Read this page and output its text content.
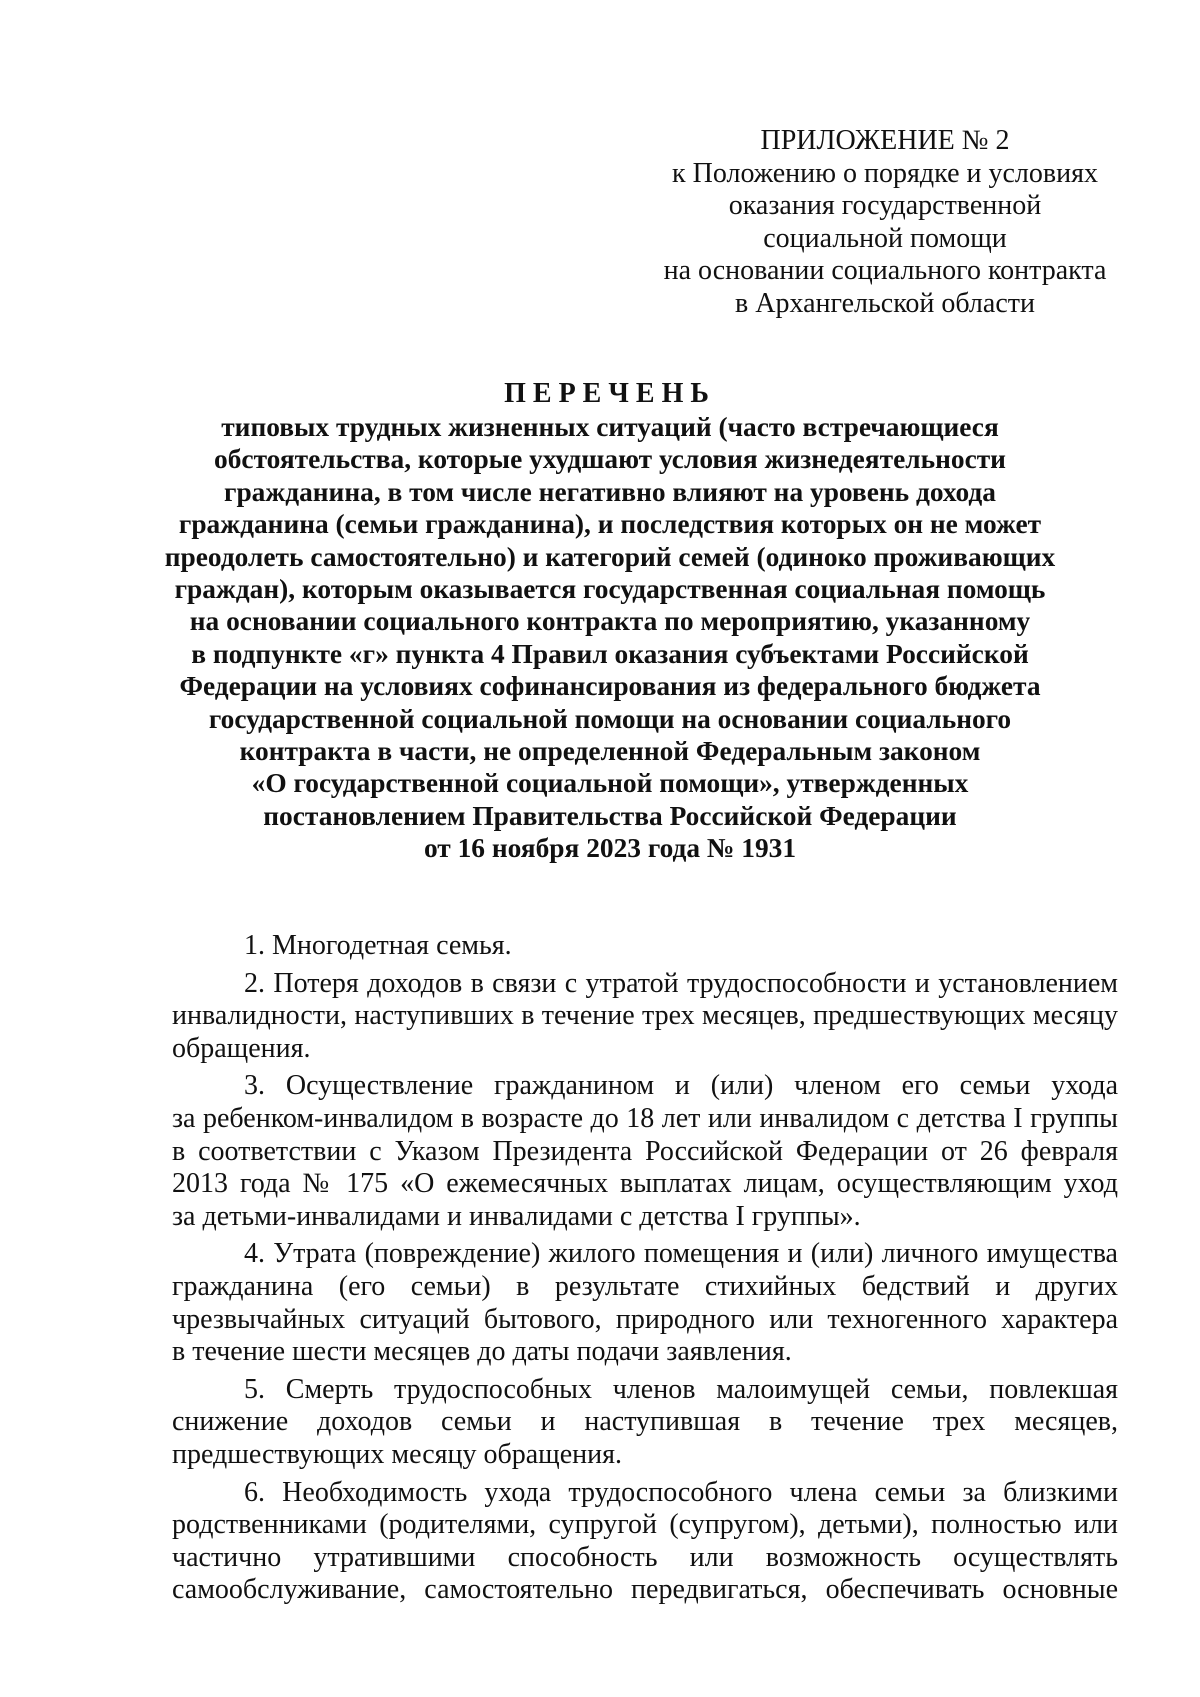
ПРИЛОЖЕНИЕ № 2
к Положению о порядке и условиях
оказания государственной
социальной помощи
на основании социального контракта
в Архангельской области
ПЕРЕЧЕНЬ
типовых трудных жизненных ситуаций (часто встречающиеся
обстоятельства, которые ухудшают условия жизнедеятельности
гражданина, в том числе негативно влияют на уровень дохода
гражданина (семьи гражданина), и последствия которых он не может
преодолеть самостоятельно) и категорий семей (одиноко проживающих
граждан), которым оказывается государственная социальная помощь
на основании социального контракта по мероприятию, указанному
в подпункте «г» пункта 4 Правил оказания субъектами Российской
Федерации на условиях софинансирования из федерального бюджета
государственной социальной помощи на основании социального
контракта в части, не определенной Федеральным законом
«О государственной социальной помощи», утвержденных
постановлением Правительства Российской Федерации
от 16 ноября 2023 года № 1931
1. Многодетная семья.
2. Потеря доходов в связи с утратой трудоспособности и установлением
инвалидности, наступивших в течение трех месяцев, предшествующих месяцу
обращения.
3. Осуществление гражданином и (или) членом его семьи ухода
за ребенком-инвалидом в возрасте до 18 лет или инвалидом с детства I группы
в соответствии с Указом Президента Российской Федерации от 26 февраля
2013 года № 175 «О ежемесячных выплатах лицам, осуществляющим уход
за детьми-инвалидами и инвалидами с детства I группы».
4. Утрата (повреждение) жилого помещения и (или) личного имущества
гражданина (его семьи) в результате стихийных бедствий и других
чрезвычайных ситуаций бытового, природного или техногенного характера
в течение шести месяцев до даты подачи заявления.
5. Смерть трудоспособных членов малоимущей семьи, повлекшая
снижение доходов семьи и наступившая в течение трех месяцев,
предшествующих месяцу обращения.
6. Необходимость ухода трудоспособного члена семьи за близкими
родственниками (родителями, супругой (супругом), детьми), полностью или
частично утратившими способность или возможность осуществлять
самообслуживание, самостоятельно передвигаться, обеспечивать основные
